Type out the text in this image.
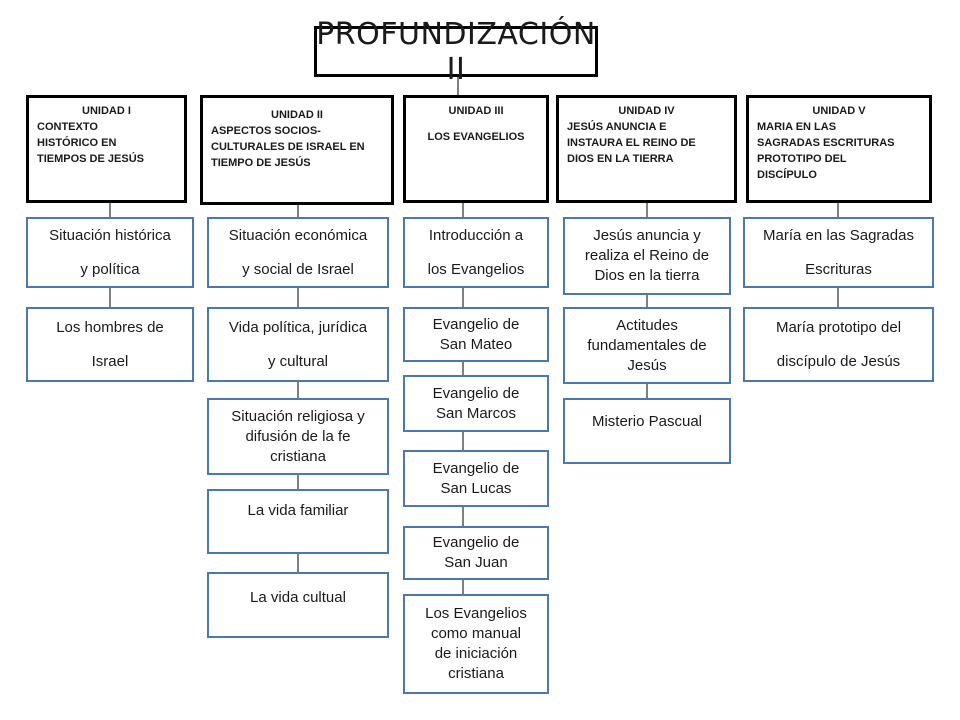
PROFUNDIZACIÓN II
UNIDAD I
CONTEXTO
HISTÓRICO EN
TIEMPOS DE JESÚS
UNIDAD II
ASPECTOS SOCIOS-
CULTURALES DE ISRAEL EN
TIEMPO DE JESÚS
UNIDAD III
LOS EVANGELIOS
UNIDAD IV
JESÚS ANUNCIA E
INSTAURA EL REINO DE
DIOS EN LA TIERRA
UNIDAD V
MARIA EN LAS
SAGRADAS ESCRITURAS
PROTOTIPO DEL
DISCÍPULO
Situación histórica
y política
Los hombres de
Israel
Situación económica
y social de Israel
Vida política, jurídica
y cultural
Situación religiosa y
difusión de la fe
cristiana
La vida familiar
La vida cultual
Introducción a
los Evangelios
Evangelio de
San Mateo
Evangelio de
San Marcos
Evangelio de
San Lucas
Evangelio de
San Juan
Los Evangelios
como manual
de iniciación
cristiana
Jesús anuncia y
realiza el Reino de
Dios en la tierra
Actitudes
fundamentales de
Jesús
Misterio Pascual
María en las Sagradas
Escrituras
María prototipo del
discípulo de Jesús
